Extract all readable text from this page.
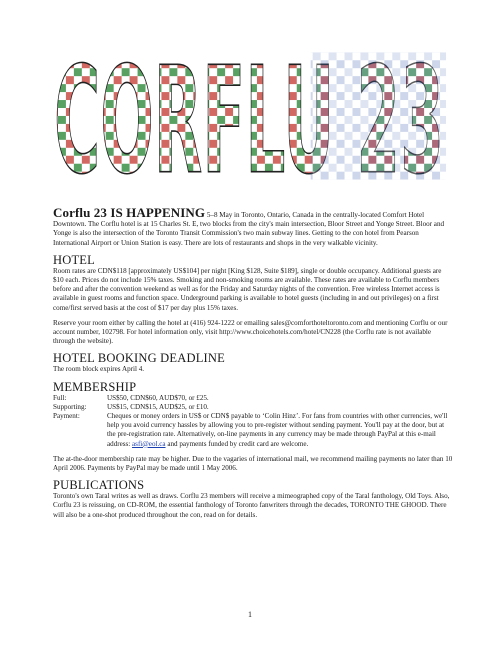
CORFLU 23

Corflu 23 IS HAPPENING 5–8 May in Toronto, Ontario, Canada in the centrally-located Comfort Hotel Downtown. The Corflu hotel is at 15 Charles St. E, two blocks from the city's main intersection, Bloor Street and Yonge Street. Bloor and Yonge is also the intersection of the Toronto Transit Commission's two main subway lines. Getting to the con hotel from Pearson International Airport or Union Station is easy. There are lots of restaurants and shops in the very walkable vicinity.

HOTEL

Room rates are CDN$118 [approximately US$104] per night [King $128, Suite $189], single or double occupancy. Additional guests are $10 each. Prices do not include 15% taxes. Smoking and non-smoking rooms are available. These rates are available to Corflu members before and after the convention weekend as well as for the Friday and Saturday nights of the convention. Free wireless Internet access is available in guest rooms and function space. Underground parking is available to hotel guests (including in and out privileges) on a first come/first served basis at the cost of $17 per day plus 15% taxes.

Reserve your room either by calling the hotel at (416) 924-1222 or emailing sales@comforthoteltoronto.com and mentioning Corflu or our account number, 102798. For hotel information only, visit http://www.choicehotels.com/hotel/CN228 (the Corflu rate is not available through the website).

HOTEL BOOKING DEADLINE

The room block expires April 4.

MEMBERSHIP
Full:	US$50, CDN$60, AUD$70, or £25.
Supporting:	US$15, CDN$15, AUD$25, or £10.
Payment:	Cheques or money orders in US$ or CDN$ payable to ‘Colin Hinz’. For fans from countries with other currencies, we'll help you avoid currency hassles by allowing you to pre-register without sending payment. You'll pay at the door, but at the pre-registration rate. Alternatively, on-line payments in any currency may be made through PayPal at this e-mail address: asfi@eol.ca and payments funded by credit card are welcome.

The at-the-door membership rate may be higher. Due to the vagaries of international mail, we recommend mailing payments no later than 10 April 2006. Payments by PayPal may be made until 1 May 2006.

PUBLICATIONS

Toronto's own Taral writes as well as draws. Corflu 23 members will receive a mimeographed copy of the Taral fanthology, Old Toys. Also, Corflu 23 is reissuing, on CD-ROM, the essential fanthology of Toronto fanwriters through the decades, TORONTO THE GHOOD. There will also be a one-shot produced throughout the con, read on for details.

1
